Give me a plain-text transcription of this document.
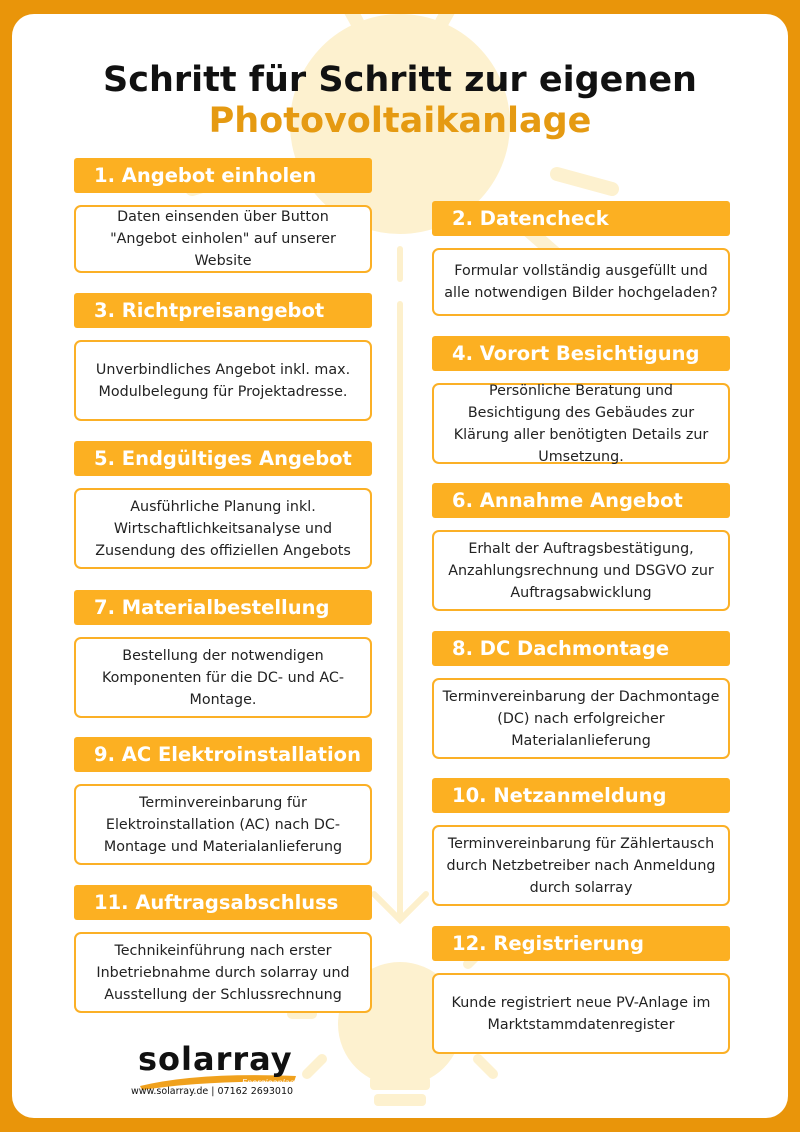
Schritt für Schritt zur eigenen
Photovoltaikanlage
1. Angebot einholen
Daten einsenden über Button "Angebot einholen" auf unserer Website
3. Richtpreisangebot
Unverbindliches Angebot inkl. max. Modulbelegung für Projektadresse.
5. Endgültiges Angebot
Ausführliche Planung inkl. Wirtschaftlichkeitsanalyse und Zusendung des offiziellen Angebots
7. Materialbestellung
Bestellung der notwendigen Komponenten für die DC- und AC-Montage.
9. AC Elektroinstallation
Terminvereinbarung für Elektroinstallation (AC) nach DC-Montage und Materialanlieferung
11. Auftragsabschluss
Technikeinführung nach erster Inbetriebnahme durch solarray und Ausstellung der Schlussrechnung
2. Datencheck
Formular vollständig ausgefüllt und alle notwendigen Bilder hochgeladen?
4. Vorort Besichtigung
Persönliche Beratung und Besichtigung des Gebäudes zur Klärung aller benötigten Details zur Umsetzung.
6. Annahme Angebot
Erhalt der Auftragsbestätigung, Anzahlungsrechnung und DSGVO zur Auftragsabwicklung
8. DC Dachmontage
Terminvereinbarung der Dachmontage (DC) nach erfolgreicher Materialanlieferung
10. Netzanmeldung
Terminvereinbarung für Zählertausch durch Netzbetreiber nach Anmeldung durch solarray
12. Registrierung
Kunde registriert neue PV-Anlage im Marktstammdatenregister
solarray
Energieanlagen
www.solarray.de | 07162 2693010
